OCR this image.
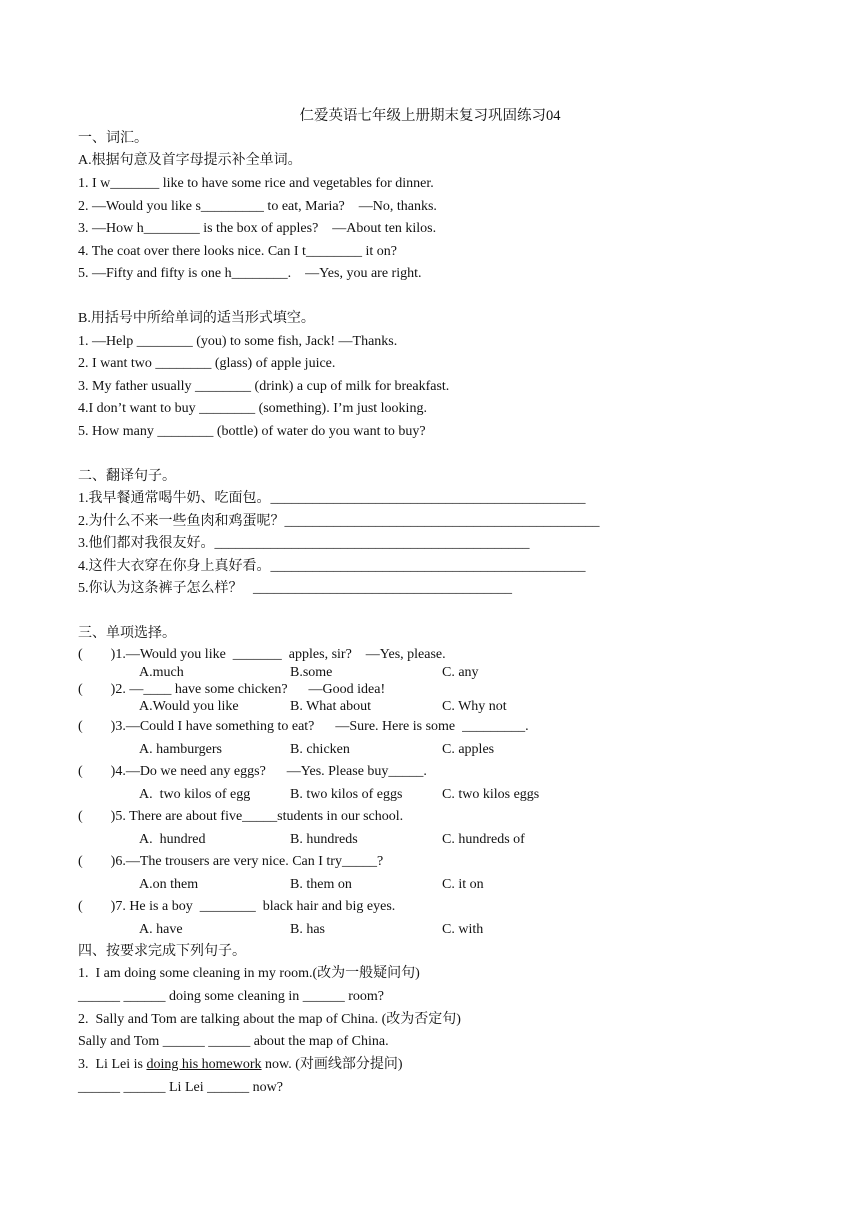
仁爱英语七年级上册期末复习巩固练习04
一、词汇。
A.根据句意及首字母提示补全单词。
1. I w_______ like to have some rice and vegetables for dinner.
2. —Would you like s_________ to eat, Maria?    —No, thanks.
3. —How h________ is the box of apples?    —About ten kilos.
4. The coat over there looks nice. Can I t________ it on?
5. —Fifty and fifty is one h________.    —Yes, you are right.
B.用括号中所给单词的适当形式填空。
1. —Help ________ (you) to some fish, Jack! —Thanks.
2. I want two ________ (glass) of apple juice.
3. My father usually ________ (drink) a cup of milk for breakfast.
4.I don’t want to buy ________ (something). I’m just looking.
5. How many ________ (bottle) of water do you want to buy?
二、翻译句子。
1.我早餐通常喝牛奶、吃面包。_____________________________________________
2.为什么不来一些鱼肉和鸡蛋呢？_____________________________________________
3.他们都对我很友好。_____________________________________________
4.这件大衣穿在你身上真好看。_____________________________________________
5.你认为这条裤子怎么样？   _____________________________________
三、单项选择。
(        )1.—Would you like  _______  apples, sir?    —Yes, please.
A.much	B.some	C. any
(        )2. —____ have some chicken?      —Good idea!
A.Would you like	B. What about	C. Why not
(        )3.—Could I have something to eat?      —Sure. Here is some  _________.
A. hamburgers	B. chicken	C. apples
(        )4.—Do we need any eggs?      —Yes. Please buy_____.
A.  two kilos of egg	B. two kilos of eggs	C. two kilos eggs
(        )5. There are about five_____students in our school.
A.  hundred	B. hundreds	C. hundreds of
(        )6.—The trousers are very nice. Can I try_____?
A.on them	B. them on	C. it on
(        )7. He is a boy  ________  black hair and big eyes.
A. have	B. has	C. with
四、按要求完成下列句子。
1.  I am doing some cleaning in my room.(改为一般疑问句)
______ ______ doing some cleaning in ______ room?
2.  Sally and Tom are talking about the map of China. (改为否定句)
Sally and Tom ______ ______ about the map of China.
3.  Li Lei is doing his homework now. (对画线部分提问)
______ ______ Li Lei ______ now?
